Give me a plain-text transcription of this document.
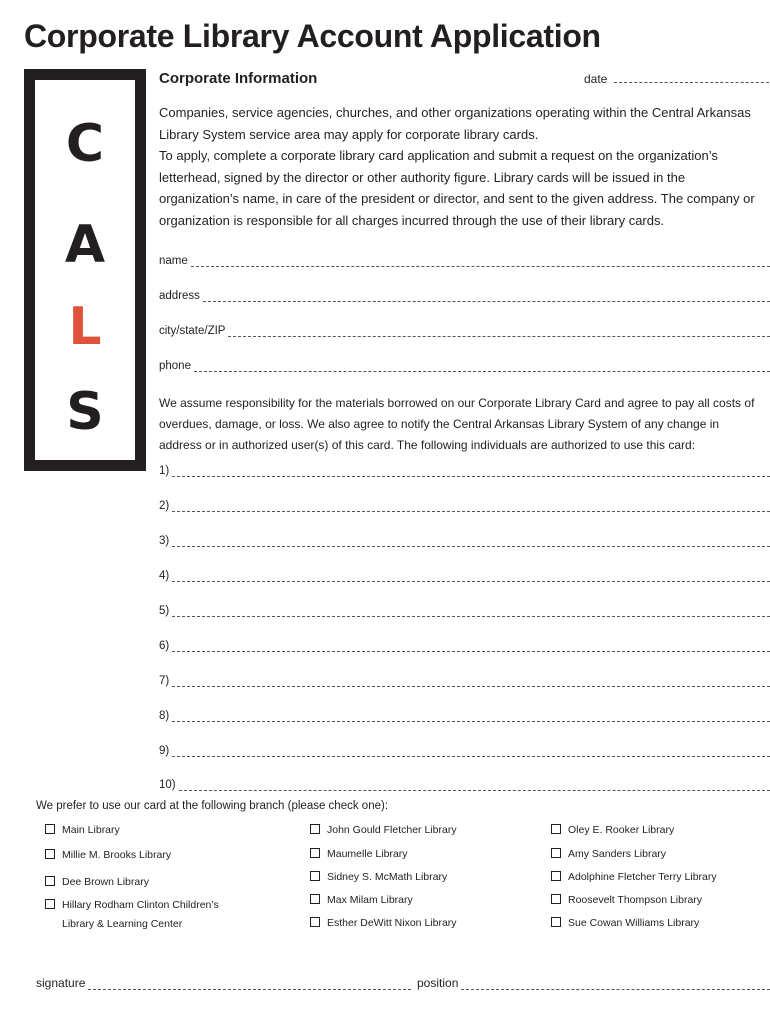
Corporate Library Account Application
C
A
L
S
Corporate Information	date

Companies, service agencies, churches, and other organizations operating within the Central Arkansas Library System service area may apply for corporate library cards.

To apply, complete a corporate library card application and submit a request on the organization’s letterhead, signed by the director or other authority figure. Library cards will be issued in the organization’s name, in care of the president or director, and sent to the given address. The company or organization is responsible for all charges incurred through the use of their library cards.

name
address
city/state/ZIP
phone

We assume responsibility for the materials borrowed on our Corporate Library Card and agree to pay all costs of overdues, damage, or loss. We also agree to notify the Central Arkansas Library System of any change in address or in authorized user(s) of this card. The following individuals are authorized to use this card:

1)
2)
3)
4)
5)
6)
7)
8)
9)
10)
We prefer to use our card at the following branch (please check one):
Main Library
Millie M. Brooks Library
Dee Brown Library
Hillary Rodham Clinton Children’s
Library & Learning Center
John Gould Fletcher Library
Maumelle Library
Sidney S. McMath Library
Max Milam Library
Esther DeWitt Nixon Library
Oley E. Rooker Library
Amy Sanders Library
Adolphine Fletcher Terry Library
Roosevelt Thompson Library
Sue Cowan Williams Library
signature	position
